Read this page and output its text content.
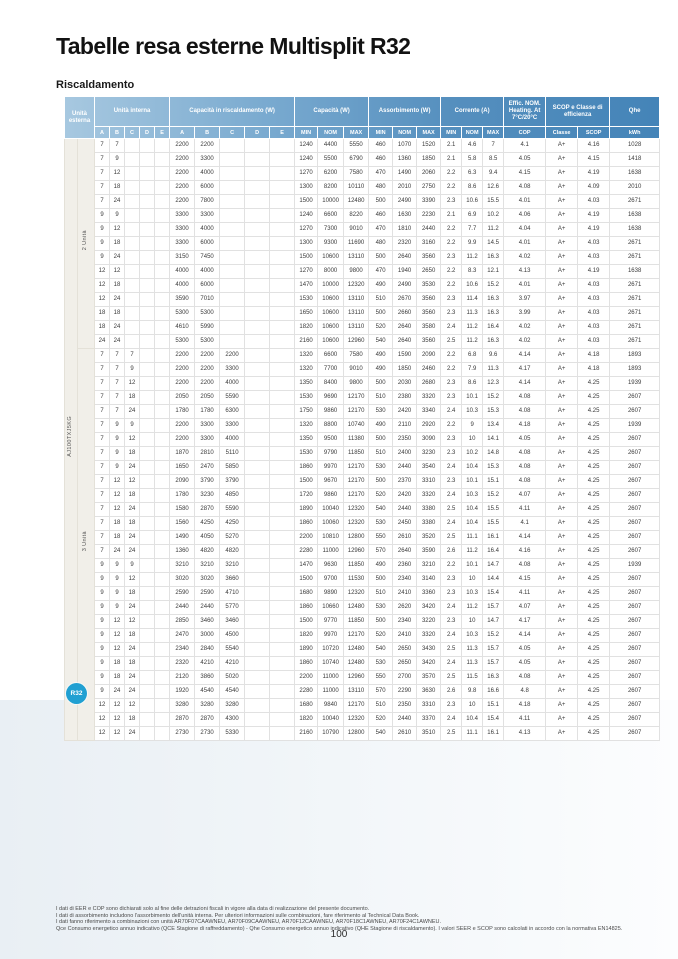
Tabelle resa esterne Multisplit R32
Riscaldamento
Unità esterna		Unità interna					Capacità in riscaldamento (W)					Capacità (W)			Assorbimento (W)			Corrente (A)			Effic. NOM. Heating. At 7°C/20°C	SCOP e Classe di efficienza		Qhe
		A	B	C	D	E	A	B	C	D	E	MIN	NOM	MAX	MIN	NOM	MAX	MIN	NOM	MAX	COP	Classe	SCOP	kWh
AJ100TXJ5KG	2 Unità	7	7				2200	2200				1240	4400	5550	460	1070	1520	2.1	4.6	7	4.1	A+	4.16	1028
		7	9				2200	3300				1240	5500	6790	460	1360	1850	2.1	5.8	8.5	4.05	A+	4.15	1418
		7	12				2200	4000				1270	6200	7580	470	1490	2060	2.2	6.3	9.4	4.15	A+	4.19	1638
		7	18				2200	6000				1300	8200	10110	480	2010	2750	2.2	8.6	12.6	4.08	A+	4.09	2010
		7	24				2200	7800				1500	10000	12480	500	2490	3390	2.3	10.6	15.5	4.01	A+	4.03	2671
		9	9				3300	3300				1240	6600	8220	460	1630	2230	2.1	6.9	10.2	4.06	A+	4.19	1638
		9	12				3300	4000				1270	7300	9010	470	1810	2440	2.2	7.7	11.2	4.04	A+	4.19	1638
		9	18				3300	6000				1300	9300	11690	480	2320	3160	2.2	9.9	14.5	4.01	A+	4.03	2671
		9	24				3150	7450				1500	10600	13110	500	2640	3560	2.3	11.2	16.3	4.02	A+	4.03	2671
		12	12				4000	4000				1270	8000	9800	470	1940	2650	2.2	8.3	12.1	4.13	A+	4.19	1638
		12	18				4000	6000				1470	10000	12320	490	2490	3530	2.2	10.6	15.2	4.01	A+	4.03	2671
		12	24				3590	7010				1530	10600	13110	510	2670	3560	2.3	11.4	16.3	3.97	A+	4.03	2671
		18	18				5300	5300				1650	10600	13110	500	2660	3560	2.3	11.3	16.3	3.99	A+	4.03	2671
		18	24				4610	5990				1820	10600	13110	520	2640	3580	2.4	11.2	16.4	4.02	A+	4.03	2671
		24	24				5300	5300				2160	10600	12960	540	2640	3560	2.5	11.2	16.3	4.02	A+	4.03	2671
	3 Unità	7	7	7			2200	2200	2200			1320	6600	7580	490	1590	2090	2.2	6.8	9.6	4.14	A+	4.18	1893
		7	7	9			2200	2200	3300			1320	7700	9010	490	1850	2460	2.2	7.9	11.3	4.17	A+	4.18	1893
		7	7	12			2200	2200	4000			1350	8400	9800	500	2030	2680	2.3	8.6	12.3	4.14	A+	4.25	1939
		7	7	18			2050	2050	5590			1530	9690	12170	510	2380	3320	2.3	10.1	15.2	4.08	A+	4.25	2607
		7	7	24			1780	1780	6300			1750	9860	12170	530	2420	3340	2.4	10.3	15.3	4.08	A+	4.25	2607
		7	9	9			2200	3300	3300			1320	8800	10740	490	2110	2920	2.2	9	13.4	4.18	A+	4.25	1939
		7	9	12			2200	3300	4000			1350	9500	11380	500	2350	3090	2.3	10	14.1	4.05	A+	4.25	2607
		7	9	18			1870	2810	5110			1530	9790	11850	510	2400	3230	2.3	10.2	14.8	4.08	A+	4.25	2607
		7	9	24			1650	2470	5850			1860	9970	12170	530	2440	3540	2.4	10.4	15.3	4.08	A+	4.25	2607
		7	12	12			2090	3790	3790			1500	9670	12170	500	2370	3310	2.3	10.1	15.1	4.08	A+	4.25	2607
		7	12	18			1780	3230	4850			1720	9860	12170	520	2420	3320	2.4	10.3	15.2	4.07	A+	4.25	2607
		7	12	24			1580	2870	5590			1890	10040	12320	540	2440	3380	2.5	10.4	15.5	4.11	A+	4.25	2607
		7	18	18			1560	4250	4250			1860	10060	12320	530	2450	3380	2.4	10.4	15.5	4.1	A+	4.25	2607
		7	18	24			1490	4050	5270			2200	10810	12800	550	2610	3520	2.5	11.1	16.1	4.14	A+	4.25	2607
		7	24	24			1360	4820	4820			2280	11000	12960	570	2640	3590	2.6	11.2	16.4	4.16	A+	4.25	2607
		9	9	9			3210	3210	3210			1470	9630	11850	490	2360	3210	2.2	10.1	14.7	4.08	A+	4.25	1939
		9	9	12			3020	3020	3660			1500	9700	11530	500	2340	3140	2.3	10	14.4	4.15	A+	4.25	2607
		9	9	18			2590	2590	4710			1680	9890	12320	510	2410	3360	2.3	10.3	15.4	4.11	A+	4.25	2607
		9	9	24			2440	2440	5770			1860	10660	12480	530	2620	3420	2.4	11.2	15.7	4.07	A+	4.25	2607
		9	12	12			2850	3460	3460			1500	9770	11850	500	2340	3220	2.3	10	14.7	4.17	A+	4.25	2607
		9	12	18			2470	3000	4500			1820	9970	12170	520	2410	3320	2.4	10.3	15.2	4.14	A+	4.25	2607
		9	12	24			2340	2840	5540			1890	10720	12480	540	2650	3430	2.5	11.3	15.7	4.05	A+	4.25	2607
		9	18	18			2320	4210	4210			1860	10740	12480	530	2650	3420	2.4	11.3	15.7	4.05	A+	4.25	2607
		9	18	24			2120	3860	5020			2200	11000	12960	550	2700	3570	2.5	11.5	16.3	4.08	A+	4.25	2607
		9	24	24			1920	4540	4540			2280	11000	13110	570	2290	3630	2.6	9.8	16.6	4.8	A+	4.25	2607
		12	12	12			3280	3280	3280			1680	9840	12170	510	2350	3310	2.3	10	15.1	4.18	A+	4.25	2607
		12	12	18			2870	2870	4300			1820	10040	12320	520	2440	3370	2.4	10.4	15.4	4.11	A+	4.25	2607
		12	12	24			2730	2730	5330			2160	10790	12800	540	2610	3510	2.5	11.1	16.1	4.13	A+	4.25	2607
R32
I dati di EER e COP sono dichiarati solo al fine delle detrazioni fiscali in vigore alla data di realizzazione del presente documento.
I dati di assorbimento includono l'assorbimento dell'unità interna. Per ulteriori informazioni sulle combinazioni, fare riferimento al Technical Data Book.
I dati fanno riferimento a combinazioni con unità AR70F07CAAWNEU, AR70F09CAAWNEU, AR70F12CAAWNEU, AR70F18C1AWNEU, AR70F24C1AWNEU.
Qce Consumo energetico annuo indicativo (QCE Stagione di raffreddamento) - Qhe Consumo energetico annuo indicativo (QHE Stagione di riscaldamento). I valori SEER e SCOP sono calcolati in accordo con la normativa EN14825.
100
